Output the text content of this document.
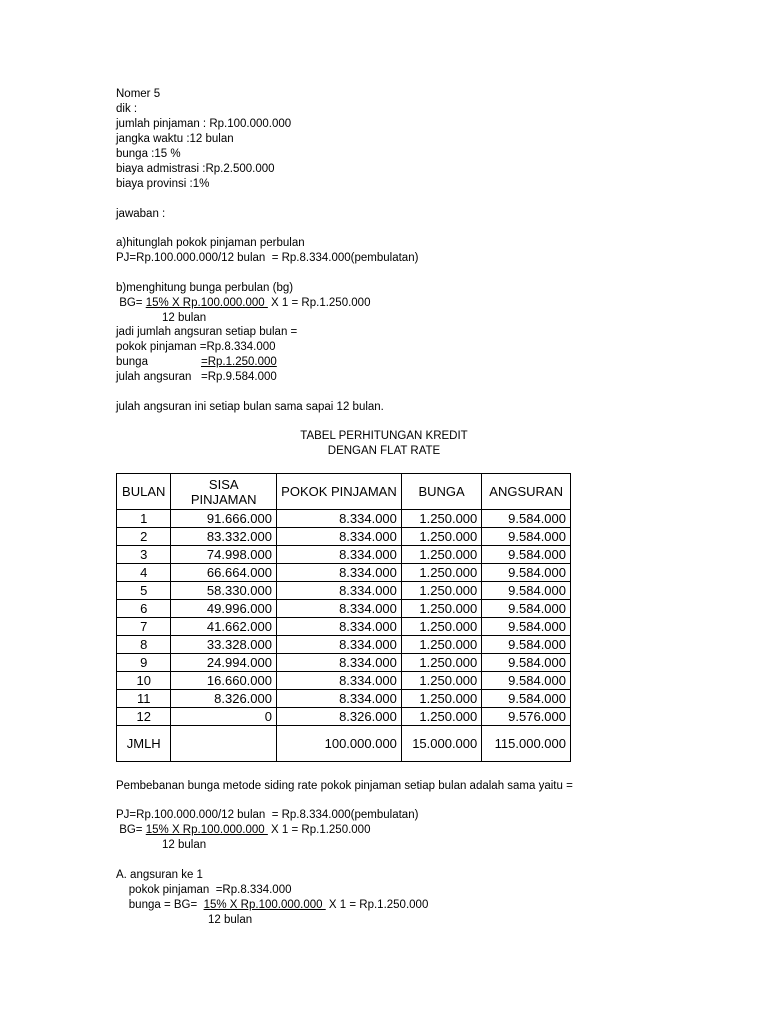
Nomer 5
dik :
jumlah pinjaman : Rp.100.000.000
jangka waktu :12 bulan
bunga :15 %
biaya admistrasi :Rp.2.500.000
biaya provinsi :1%
jawaban :
a)hitunglah pokok pinjaman perbulan
PJ=Rp.100.000.000/12 bulan  = Rp.8.334.000(pembulatan)
b)menghitung bunga perbulan (bg)
BG= 15% X Rp.100.000.000  X 1 = Rp.1.250.000
12 bulan
jadi jumlah angsuran setiap bulan =
pokok pinjaman =Rp.8.334.000
bunga	=Rp.1.250.000
julah angsuran   =Rp.9.584.000
julah angsuran ini setiap bulan sama sapai 12 bulan.
TABEL PERHITUNGAN KREDIT
DENGAN FLAT RATE
BULAN	SISA PINJAMAN	POKOK PINJAMAN	BUNGA	ANGSURAN
1	91.666.000	8.334.000	1.250.000	9.584.000
2	83.332.000	8.334.000	1.250.000	9.584.000
3	74.998.000	8.334.000	1.250.000	9.584.000
4	66.664.000	8.334.000	1.250.000	9.584.000
5	58.330.000	8.334.000	1.250.000	9.584.000
6	49.996.000	8.334.000	1.250.000	9.584.000
7	41.662.000	8.334.000	1.250.000	9.584.000
8	33.328.000	8.334.000	1.250.000	9.584.000
9	24.994.000	8.334.000	1.250.000	9.584.000
10	16.660.000	8.334.000	1.250.000	9.584.000
11	8.326.000	8.334.000	1.250.000	9.584.000
12	0	8.326.000	1.250.000	9.576.000
JMLH		100.000.000	15.000.000	115.000.000
Pembebanan bunga metode siding rate pokok pinjaman setiap bulan adalah sama yaitu =
PJ=Rp.100.000.000/12 bulan  = Rp.8.334.000(pembulatan)
BG= 15% X Rp.100.000.000  X 1 = Rp.1.250.000
12 bulan
A. angsuran ke 1
pokok pinjaman  =Rp.8.334.000
bunga = BG=  15% X Rp.100.000.000  X 1 = Rp.1.250.000
12 bulan
